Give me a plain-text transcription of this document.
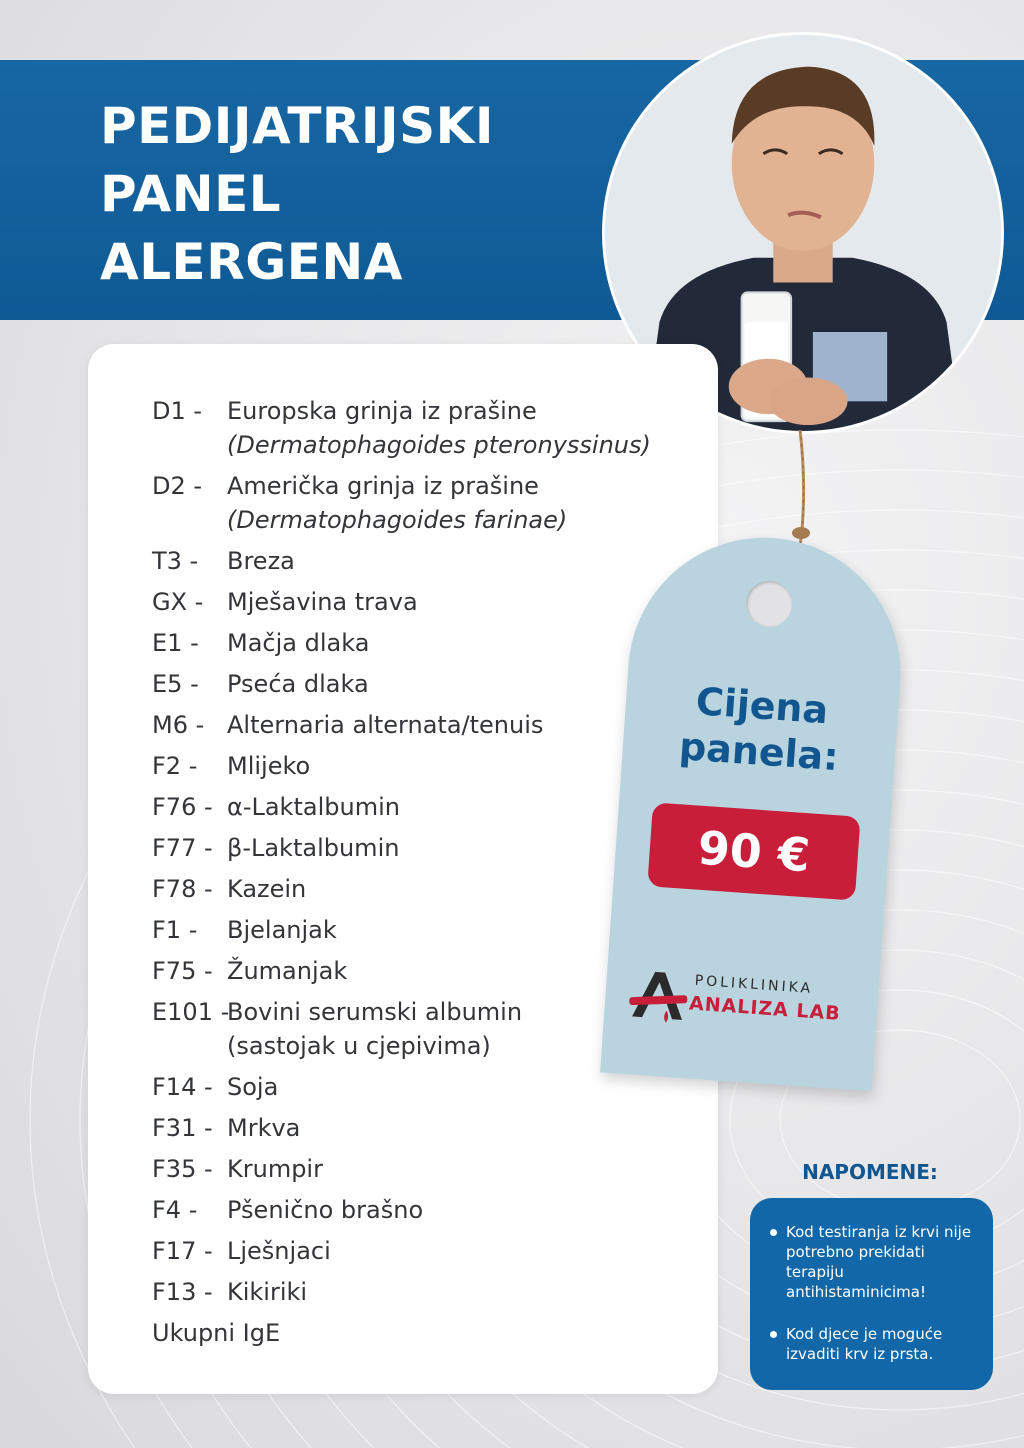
PEDIJATRIJSKI
PANEL
ALERGENA
D1 -	Europska grinja iz prašine
(Dermatophagoides pteronyssinus)
D2 -	Američka grinja iz prašine
(Dermatophagoides farinae)
T3 -	Breza
GX - Mješavina trava
E1 -	Mačja dlaka
E5 -	Pseća dlaka
M6 - Alternaria alternata/tenuis
F2 -	Mlijeko
F76 - α-Laktalbumin
F77 - β-Laktalbumin
F78 - Kazein
F1 -	Bjelanjak
F75 - Žumanjak
E101 -
Bovini serumski albumin
(sastojak u cjepivima)
F14 - Soja
F31 - Mrkva
F35 - Krumpir
F4 -	Pšenično brašno
F17 - Lješnjaci
F13 - Kikiriki
Ukupni IgE
Cijena
panela:
90 €
POLIKLINIKA
ANALIZA LAB
NAPOMENE:
Kod testiranja iz krvi nije potrebno prekidati terapiju antihistaminicima!
Kod djece je moguće izvaditi krv iz prsta.
